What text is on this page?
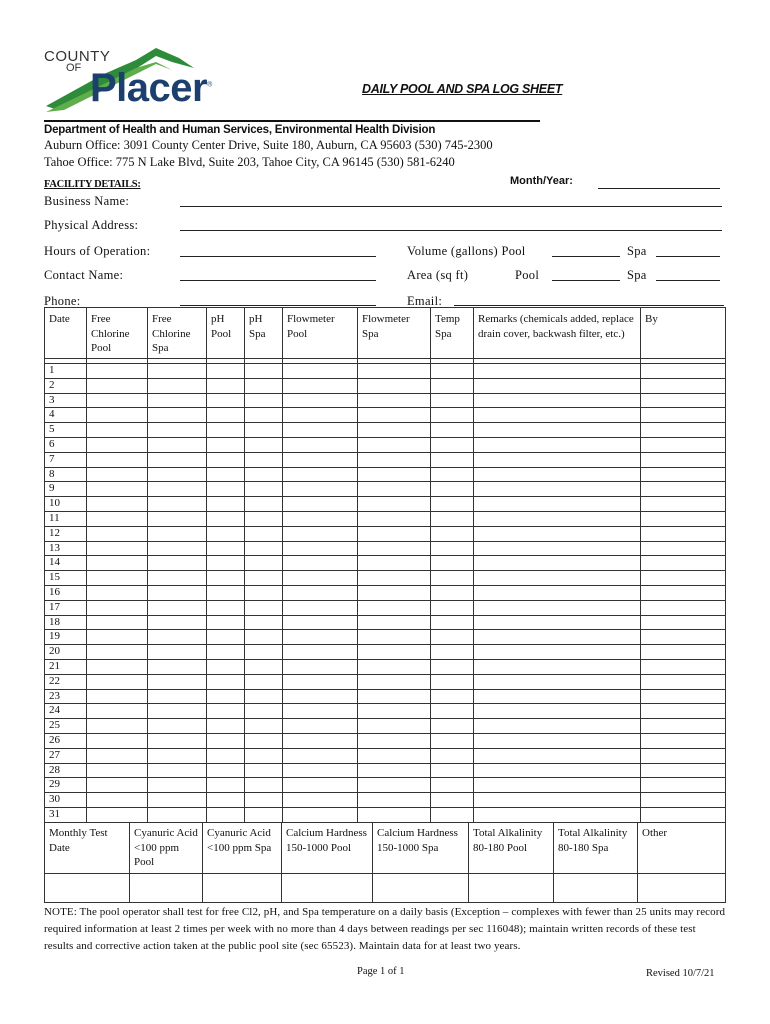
COUNTY
OF Placer®	DAILY POOL AND SPA LOG SHEET
Department of Health and Human Services, Environmental Health Division
Auburn Office: 3091 County Center Drive, Suite 180, Auburn, CA 95603 (530) 745-2300
Tahoe Office: 775 N Lake Blvd, Suite 203, Tahoe City, CA 96145 (530) 581-6240
FACILITY DETAILS:	Month/Year:
Business Name:
Physical Address:
Hours of Operation:	Volume (gallons) Pool	Spa
Contact Name:	Area (sq ft)	Pool	Spa
Phone:	Email:
Date	Free Chlorine Pool	Free Chlorine Spa	pH Pool	pH Spa	Flowmeter Pool	Flowmeter Spa	Temp Spa	Remarks (chemicals added, replace drain cover, backwash filter, etc.)	By

1									
2									
3									
4									
5									
6									
7									
8									
9									
10									
11									
12									
13									
14									
15									
16									
17									
18									
19									
20									
21									
22									
23									
24									
25									
26									
27									
28									
29									
30									
31									
Monthly Test Date	Cyanuric Acid <100 ppm Pool	Cyanuric Acid <100 ppm Spa	Calcium Hardness 150-1000 Pool	Calcium Hardness 150-1000 Spa	Total Alkalinity 80-180 Pool	Total Alkalinity 80-180 Spa	Other

NOTE: The pool operator shall test for free Cl2, pH, and Spa temperature on a daily basis (Exception – complexes with fewer than 25 units may record required information at least 2 times per week with no more than 4 days between readings per sec 116048); maintain written records of these test results and corrective action taken at the public pool site (sec 65523). Maintain data for at least two years.
Page 1 of 1	Revised 10/7/21
